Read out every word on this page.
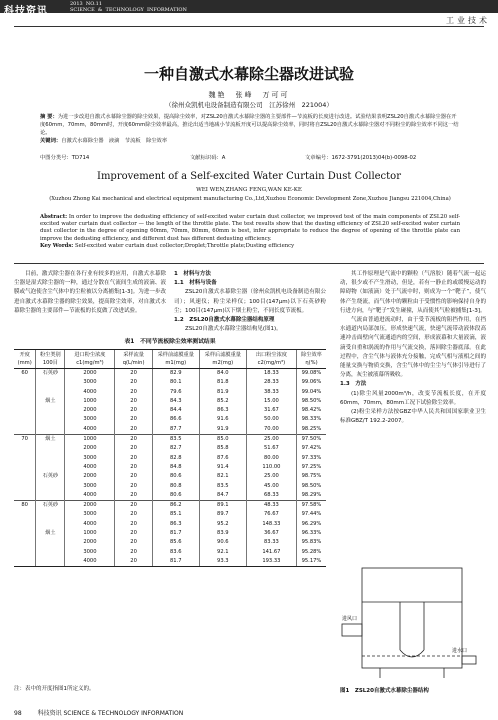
科技资讯
2013  NO.11
SCIENCE  &  TECHNOLOGY  INFORMATION
工业技术
一种自激式水幕除尘器改进试验
魏艳　张峰　万可可
（徐州众凯机电设备制造有限公司　江苏徐州　221004）
摘 要：为进一步改进自激式水幕除尘器的除尘效果，提高除尘效率，对ZSL20自激式水幕除尘器的主要部件—节流板的长度进行改进。试验结果表明ZSL20自激式水幕除尘器在开度60mm，70mm，80mm时，开度60mm除尘效率最高，推论出适当地减小节流板开度可以提高除尘效率，同时将自ZSL20自激式水幕除尘器对不同粉尘的除尘效率不同这一结论。
关键词：自激式水幕除尘器　液滴　节流板　除尘效率
中图分类号：TD714	文献标识码：A	文章编号：1672-3791(2013)04(b)-0098-02
Improvement of a Self-excited Water Curtain Dust Collector
WEI WEN,ZHANG FENG,WAN KE-KE
(Xuzhou Zhong Kai mechanical and electrical equipment manufacturing Co.,Ltd,Xuzhou Economic Development Zone,Xuzhou Jiangsu 221004,China)
Abstract: In order to improve the dedusting efficiency of self-excited water curtain dust collector, we improved test of the main components of ZSL20 self-excited water curtain dust collector — the length of the throttle plate. The test results show that the dusting efficiency of ZSL20 self-excited water curtain dust collector in the degree of opening 60mm, 70mm, 80mm, 60mm is best, infer appropriate to reduce the degree of opening of the throttle plate can improve the dedusting efficiency, and different dust has different dedusting efficiency.
Key Words: Self-excited water curtain dust collector;Droplet;Throttle plate;Dusting efficiency
目前，激式除尘器在各行业有较多的应用，自激式水幕除尘器是湿式除尘器的一种，通过分散在气流间生成的液滴、液膜或气泡使含尘气体中的尘粒被以分离捕集[1-3]。为进一步改进自激式水幕除尘器的除尘效果，提高除尘效率，对自激式水幕除尘器的主要部件—节流板的长度做了改进试验。
1　材料与方法
1.1　材料与设备
ZSL20自激式水幕除尘器（徐州众凯机电设备制造有限公司）；风速仪；粉尘采样仪；100目(147μm)以下石英砂粉尘；100目(147μm)以下烟土粉尘，不同长度节流板。
1.2　ZSL20自激式水幕除尘器结构原理
ZSL20自激式水幕除尘器结构见(图1)。
其工作原理是气流中的颗粒（气溶胶）随着气流一起运动，很少或不产生滑动，但是，若有一静止的或缓慢运动的障碍物（如液滴）处于气流中时，则成为一个“靶子”，使气体产生绕流，而气体中的颗粒由于受惯性的影响保持自身的行进方向，与“靶子”发生碰撞，从而使其气粒被捕集[1-3]。
气流由普通进流动时，由于受节流板的阻挡作用，在挡水通道内局部加压，形成快速气流，快速气流带动液体段高速冲击面壁向气流通道内的空间，形成液幕和大量液滴，液滴受自重和涡流的作用与气流交换，落回除尘器底部。在此过程中，含尘气体与液体充分接触，完成气相与液相之间的能量交换与物质交换，含尘气体中的尘尘与气体引导进行了分离，灰尘被液幕所吸收。
1.3　方法
(1)除尘风量2000m³/h，改变节流板长度，在开度60mm，70mm，80mm工况下试验除尘效率。
(2)粉尘采样方法按GBZ中华人民共和国国家职业卫生标准GBZ/T 192.2-2007。
进风口
进水口
图1　ZSL20自激式水幕除尘器结构
表1　不同节流板除尘效率测试结果
开度(mm)	粉尘类别100目	进口粉尘浓度c1(mg/m³)	采样流量q(L/min)	采样前滤膜重量m1(mg)	采样后滤膜重量m2(mg)	出口粉尘浓度c2(mg/m³)	除尘效率η(%)
60	石英砂	2000	20	82.9	84.0	18.33	99.08%
		3000	20	80.1	81.8	28.33	99.06%
		4000	20	79.6	81.9	38.33	99.04%
	烟土	1000	20	84.3	85.2	15.00	98.50%
		2000	20	84.4	86.3	31.67	98.42%
		3000	20	86.6	91.6	50.00	98.33%
		4000	20	87.7	91.9	70.00	98.25%
70	烟土	1000	20	83.5	85.0	25.00	97.50%
		2000	20	82.7	85.8	51.67	97.42%
		3000	20	82.8	87.6	80.00	97.33%
		4000	20	84.8	91.4	110.00	97.25%
	石英砂	2000	20	80.6	82.1	25.00	98.75%
		3000	20	80.8	83.5	45.00	98.50%
		4000	20	80.6	84.7	68.33	98.29%
80	石英砂	2000	20	86.2	89.1	48.33	97.58%
		3000	20	85.1	89.7	76.67	97.44%
		4000	20	86.3	95.2	148.33	96.29%
	烟土	1000	20	81.7	83.9	36.67	96.33%
		2000	20	85.6	90.6	83.33	95.83%
		3000	20	83.6	92.1	141.67	95.28%
		4000	20	81.7	93.3	193.33	95.17%
注：表中的开度指图1所定义的。
98	科技资讯 SCIENCE & TECHNOLOGY INFORMATION
